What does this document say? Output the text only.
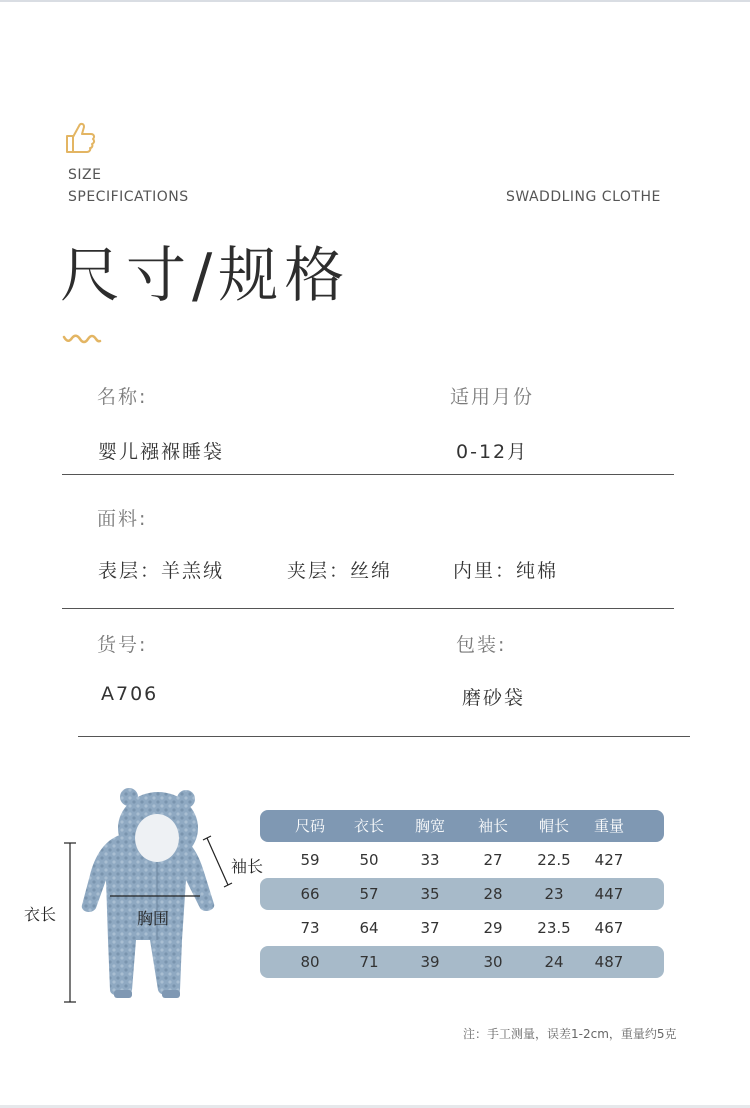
SIZE
SPECIFICATIONS	SWADDLING CLOTHE
尺寸/规格
名称:	适用月份
婴儿襁褓睡袋	0-12月
面料:
表层：羊羔绒	夹层：丝绵	内里：纯棉
货号:	包装:
A706	磨砂袋
衣长	胸围
袖长
尺码	衣长	胸宽	袖长	帽长	重量
59	50	33	27	22.5	427
66	57	35	28	23	447
73	64	37	29	23.5	467
80	71	39	30	24	487
注：手工测量，误差1-2cm，重量约5克
